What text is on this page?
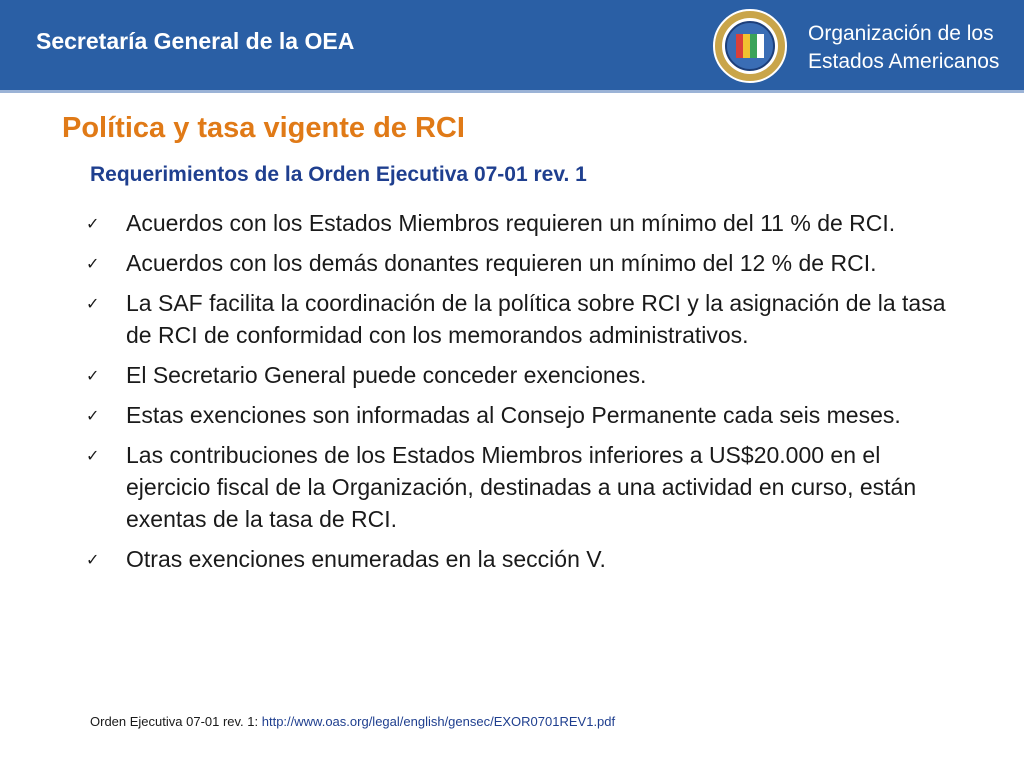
Secretaría General de la OEA	Organización de los
Estados Americanos
Política y tasa vigente de RCI
Requerimientos de la Orden Ejecutiva 07-01 rev. 1
✓ Acuerdos con los Estados Miembros requieren un mínimo del 11 % de RCI.
✓ Acuerdos con los demás donantes requieren un mínimo del 12 % de RCI.
✓ La SAF facilita la coordinación de la política sobre RCI y la asignación de la tasa de RCI de conformidad con los memorandos administrativos.
✓ El Secretario General puede conceder exenciones.
✓ Estas exenciones son informadas al Consejo Permanente cada seis meses.
✓ Las contribuciones de los Estados Miembros inferiores a US$20.000 en el ejercicio fiscal de la Organización, destinadas a una actividad en curso, están exentas de la tasa de RCI.
✓ Otras exenciones enumeradas en la sección V.
Orden Ejecutiva 07-01 rev. 1: http://www.oas.org/legal/english/gensec/EXOR0701REV1.pdf
